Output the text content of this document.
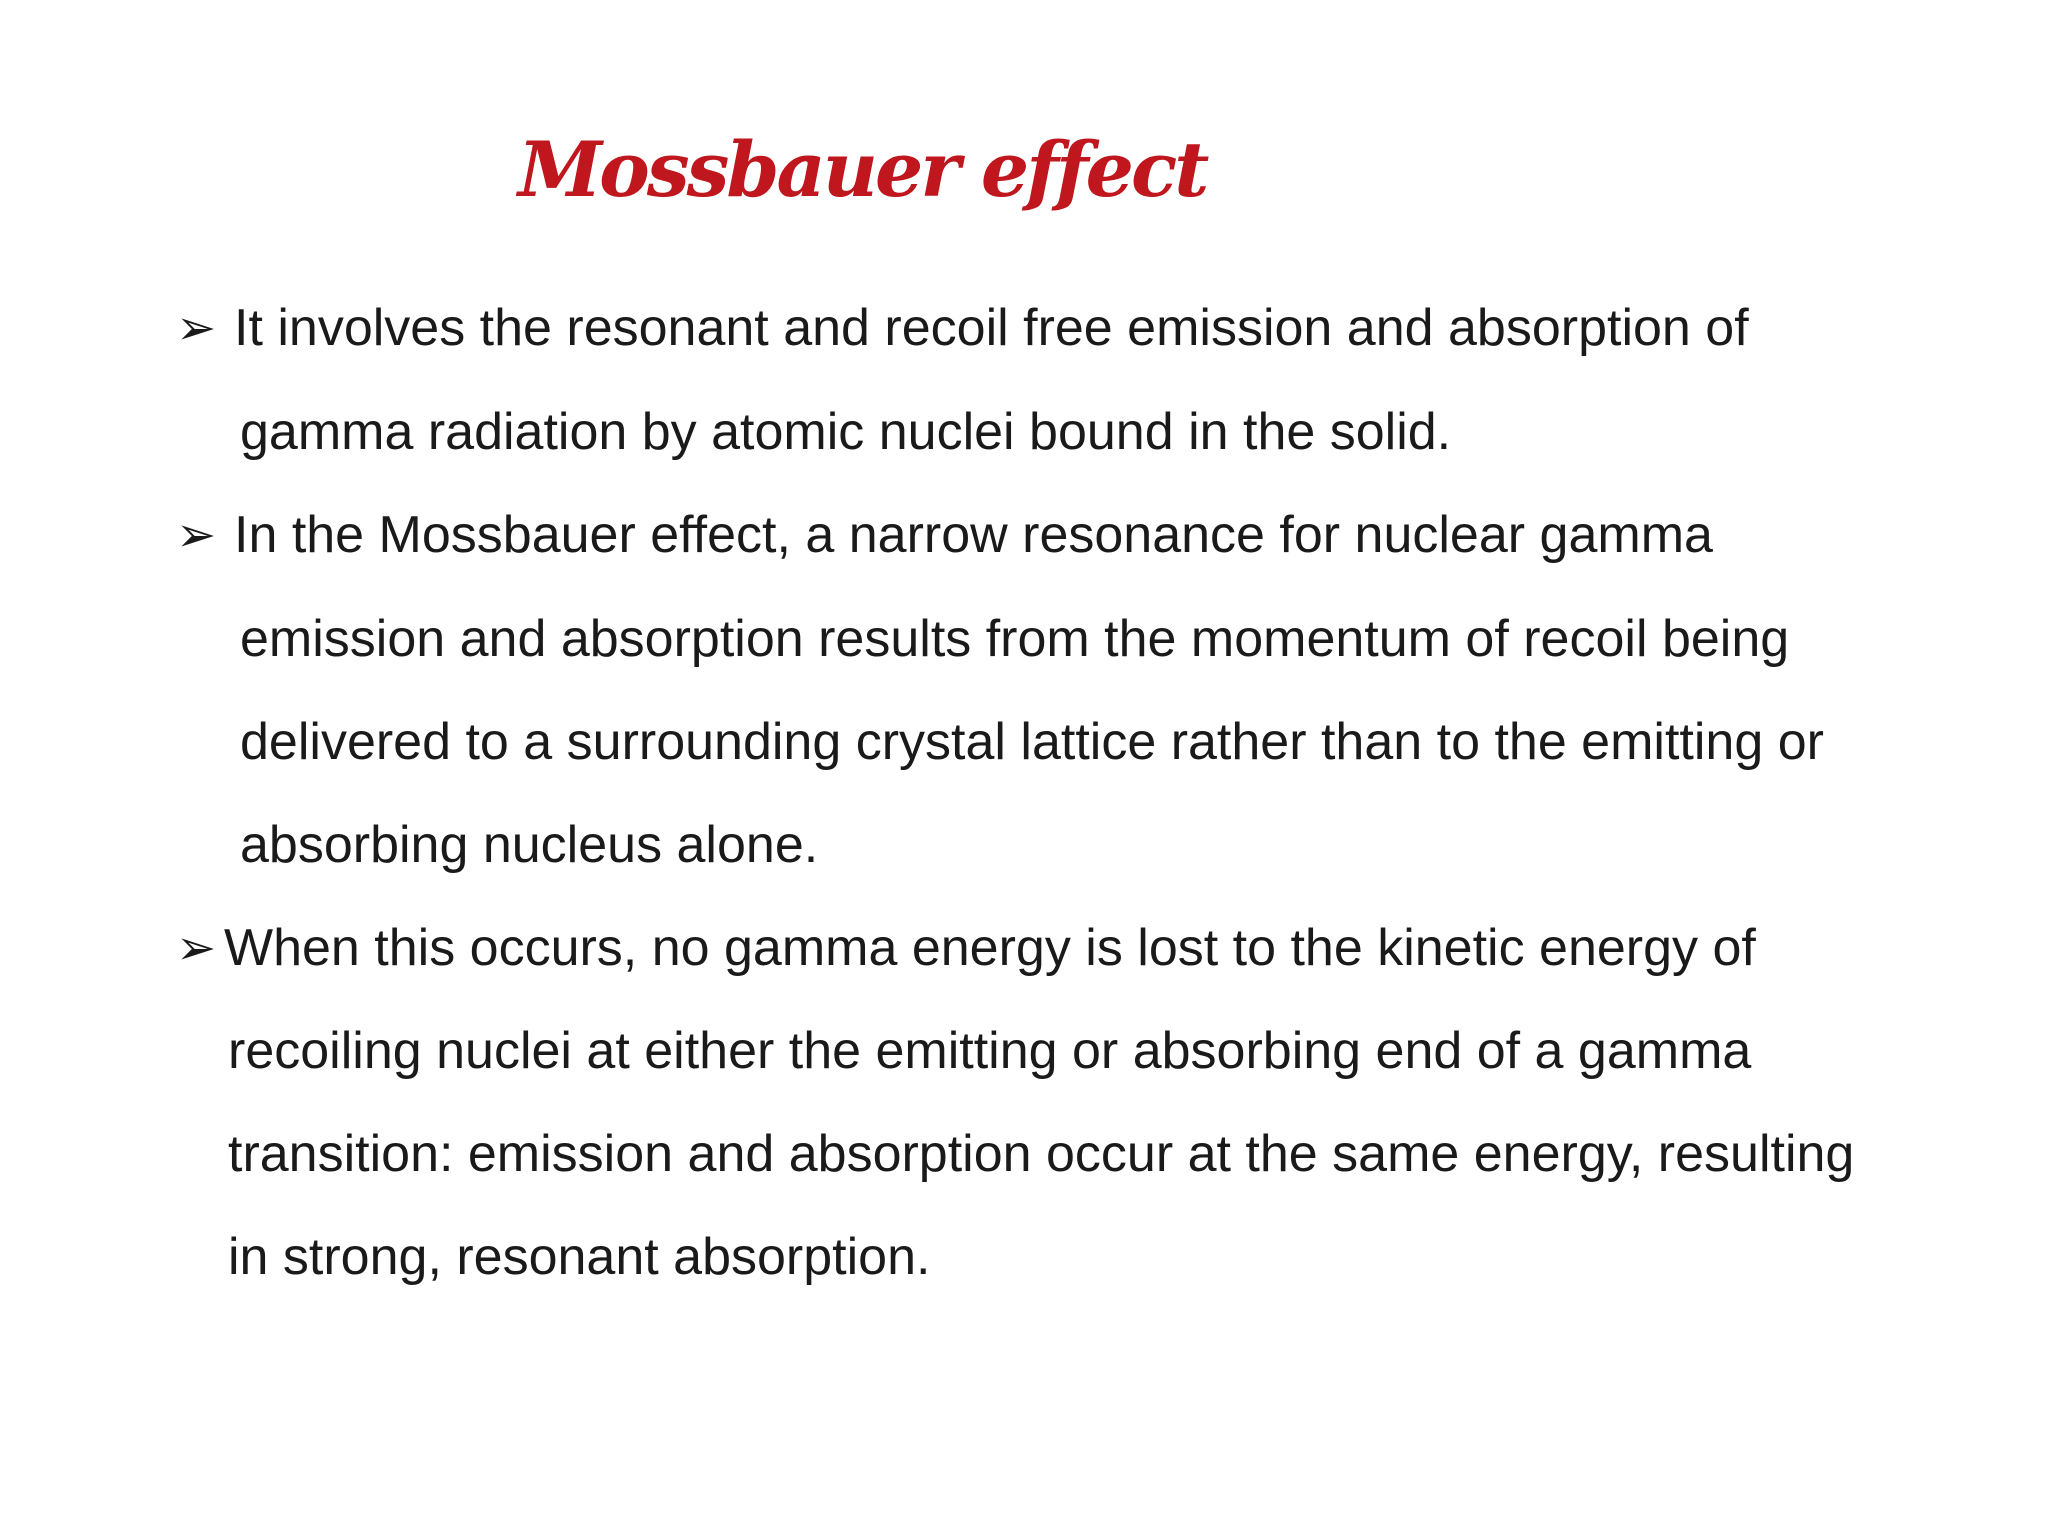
Mossbauer effect
➢ It involves the resonant and recoil free emission and absorption of
gamma radiation by atomic nuclei bound in the solid.
➢ In the Mossbauer effect, a narrow resonance for nuclear gamma
emission and absorption results from the momentum of recoil being
delivered to a surrounding crystal lattice rather than to the emitting or
absorbing nucleus alone.
➢ When this occurs, no gamma energy is lost to the kinetic energy of
recoiling nuclei at either the emitting or absorbing end of a gamma
transition: emission and absorption occur at the same energy, resulting
in strong, resonant absorption.
